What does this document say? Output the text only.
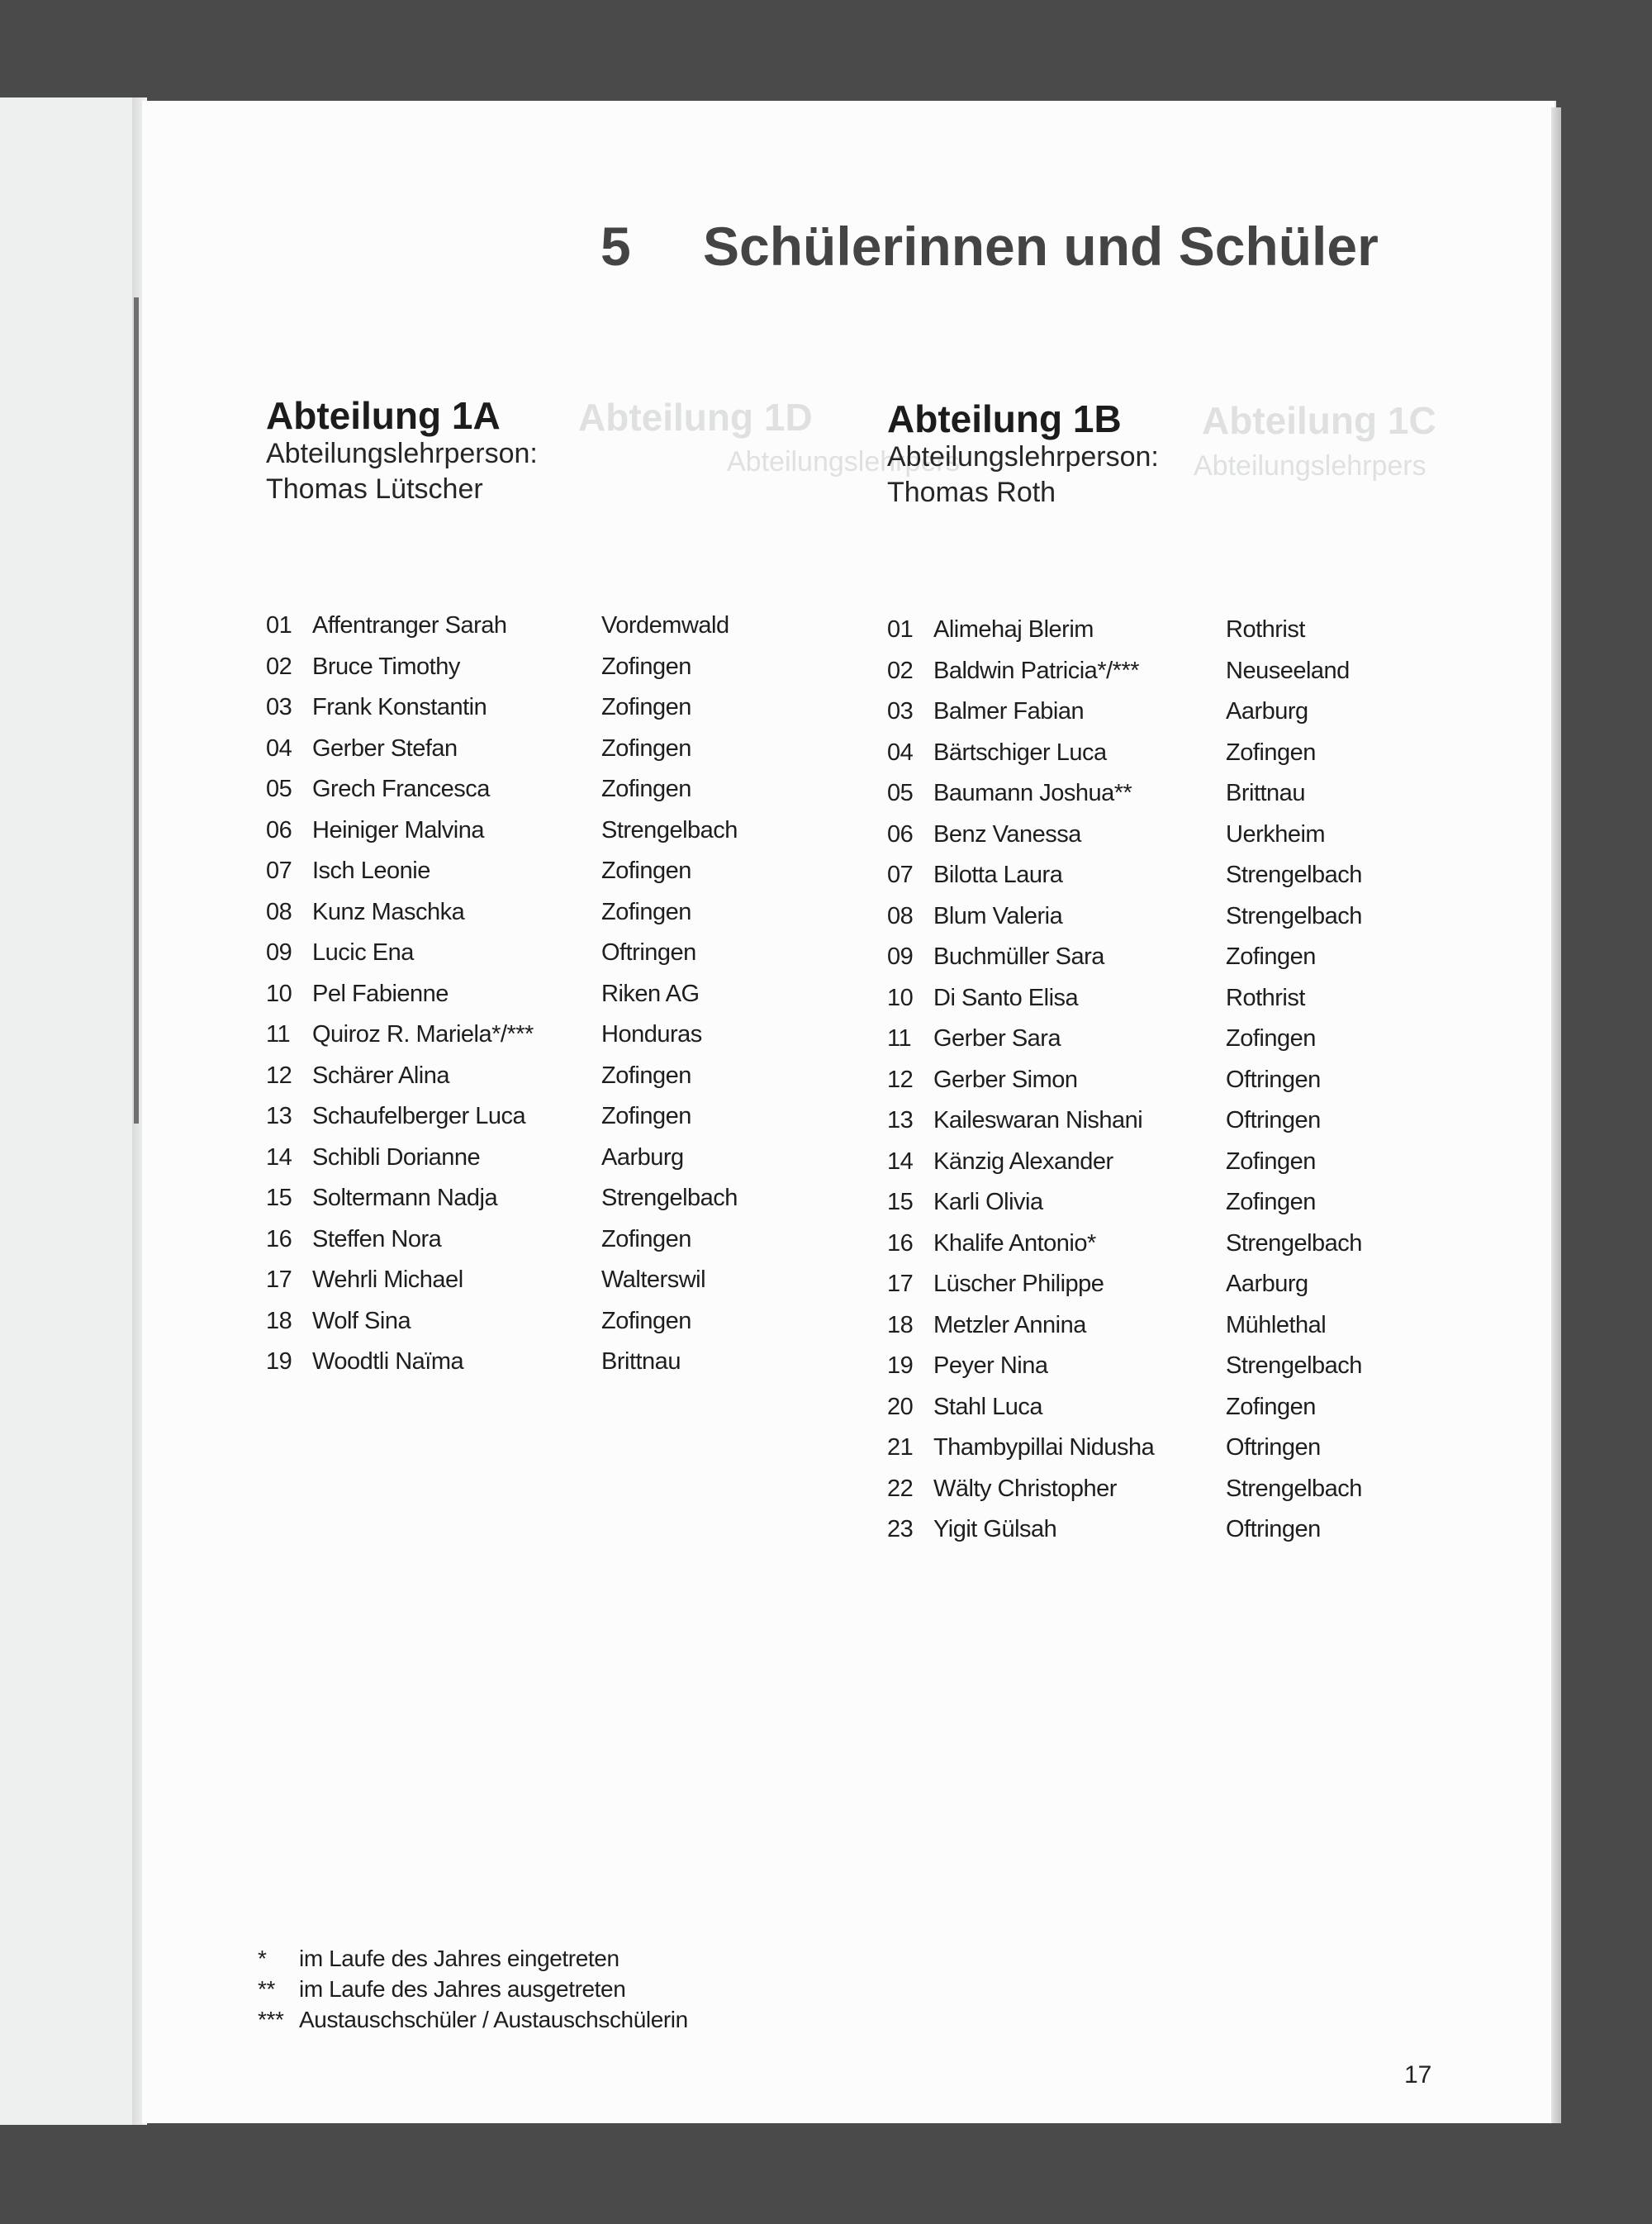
Abteilung 1D	Abteilung 1C
Abteilungslehrpers	Abteilungslehrpers
5 Schülerinnen und Schüler
Abteilung 1A
Abteilungslehrperson:
Thomas Lütscher
01 Affentranger Sarah	Vordemwald
02 Bruce Timothy	Zofingen
03 Frank Konstantin	Zofingen
04 Gerber Stefan	Zofingen
05 Grech Francesca	Zofingen
06 Heiniger Malvina	Strengelbach
07 Isch Leonie	Zofingen
08 Kunz Maschka	Zofingen
09 Lucic Ena	Oftringen
10 Pel Fabienne	Riken AG
11 Quiroz R. Mariela*/***	Honduras
12 Schärer Alina	Zofingen
13 Schaufelberger Luca	Zofingen
14 Schibli Dorianne	Aarburg
15 Soltermann Nadja	Strengelbach
16 Steffen Nora	Zofingen
17 Wehrli Michael	Walterswil
18 Wolf Sina	Zofingen
19 Woodtli Naïma	Brittnau
Abteilung 1B
Abteilungslehrperson:
Thomas Roth
01 Alimehaj Blerim	Rothrist
02 Baldwin Patricia*/***	Neuseeland
03 Balmer Fabian	Aarburg
04 Bärtschiger Luca	Zofingen
05 Baumann Joshua**	Brittnau
06 Benz Vanessa	Uerkheim
07 Bilotta Laura	Strengelbach
08 Blum Valeria	Strengelbach
09 Buchmüller Sara	Zofingen
10 Di Santo Elisa	Rothrist
11 Gerber Sara	Zofingen
12 Gerber Simon	Oftringen
13 Kaileswaran Nishani	Oftringen
14 Känzig Alexander	Zofingen
15 Karli Olivia	Zofingen
16 Khalife Antonio*	Strengelbach
17 Lüscher Philippe	Aarburg
18 Metzler Annina	Mühlethal
19 Peyer Nina	Strengelbach
20 Stahl Luca	Zofingen
21 Thambypillai Nidusha	Oftringen
22 Wälty Christopher	Strengelbach
23 Yigit Gülsah	Oftringen
*	im Laufe des Jahres eingetreten
**	im Laufe des Jahres ausgetreten
*** Austauschschüler / Austauschschülerin
17
